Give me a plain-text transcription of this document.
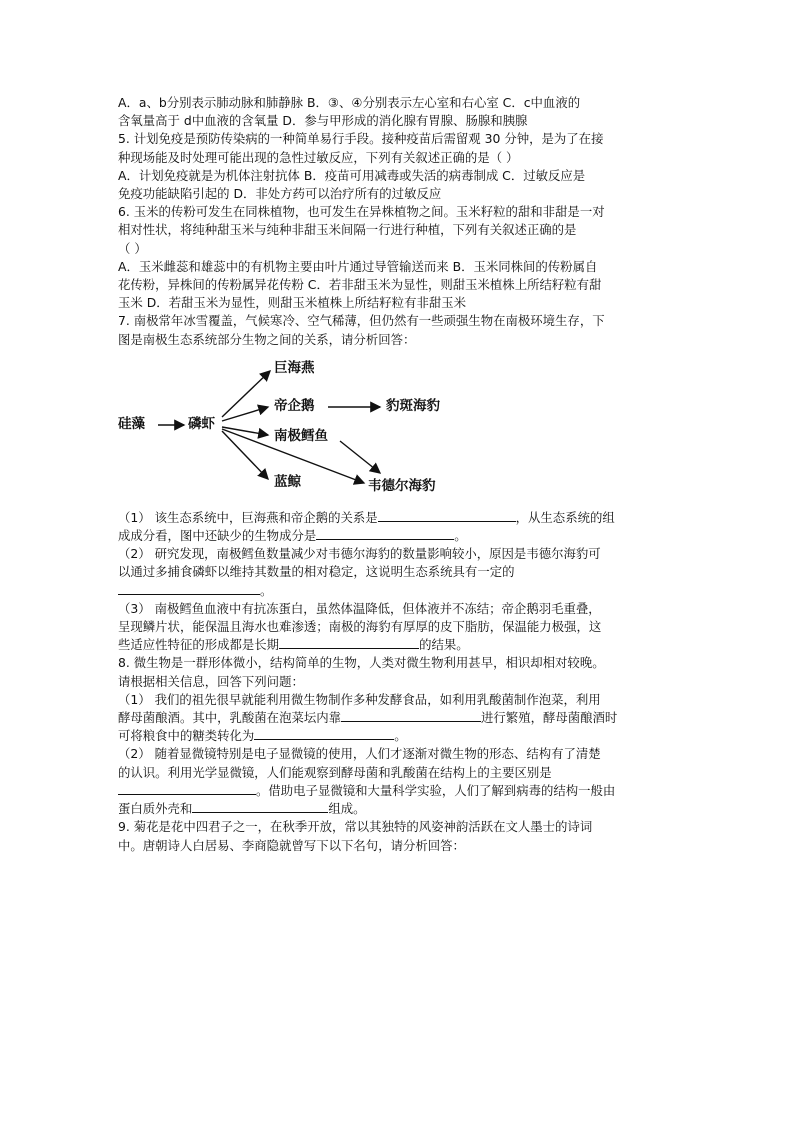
A．a、b分别表示肺动脉和肺静脉 B．③、④分别表示左心室和右心室 C．c中血液的

含氧量高于 d中血液的含氧量 D．参与甲形成的消化腺有胃腺、肠腺和胰腺

5. 计划免疫是预防传染病的一种简单易行手段。接种疫苗后需留观 30 分钟，是为了在接

种现场能及时处理可能出现的急性过敏反应，下列有关叙述正确的是（ ）

A．计划免疫就是为机体注射抗体 B．疫苗可用减毒或失活的病毒制成 C．过敏反应是

免疫功能缺陷引起的 D．非处方药可以治疗所有的过敏反应

6. 玉米的传粉可发生在同株植物，也可发生在异株植物之间。玉米籽粒的甜和非甜是一对

相对性状，将纯种甜玉米与纯种非甜玉米间隔一行进行种植，下列有关叙述正确的是

（ ）

A．玉米雌蕊和雄蕊中的有机物主要由叶片通过导管输送而来 B．玉米同株间的传粉属自

花传粉，异株间的传粉属异花传粉 C．若非甜玉米为显性，则甜玉米植株上所结籽粒有甜

玉米 D．若甜玉米为显性，则甜玉米植株上所结籽粒有非甜玉米

7. 南极常年冰雪覆盖，气候寒冷、空气稀薄，但仍然有一些顽强生物在南极环境生存，下

图是南极生态系统部分生物之间的关系，请分析回答：

硅藻	磷虾
巨海燕
帝企鹅
南极鳕鱼
蓝鲸
豹斑海豹
韦德尔海豹

（1） 该生态系统中，巨海燕和帝企鹅的关系是	，从生态系统的组

成成分看，图中还缺少的生物成分是	。

（2） 研究发现，南极鳕鱼数量减少对韦德尔海豹的数量影响较小，原因是韦德尔海豹可

以通过多捕食磷虾以维持其数量的相对稳定，这说明生态系统具有一定的

。

（3） 南极鳕鱼血液中有抗冻蛋白，虽然体温降低，但体液并不冻结；帝企鹅羽毛重叠，

呈现鳞片状，能保温且海水也难渗透；南极的海豹有厚厚的皮下脂肪，保温能力极强，这

些适应性特征的形成都是长期	的结果。

8. 微生物是一群形体微小，结构简单的生物，人类对微生物利用甚早，相识却相对较晚。

请根据相关信息，回答下列问题：

（1） 我们的祖先很早就能利用微生物制作多种发酵食品，如利用乳酸菌制作泡菜，利用

酵母菌酿酒。其中，乳酸菌在泡菜坛内靠	进行繁殖，酵母菌酿酒时

可将粮食中的糖类转化为	。

（2） 随着显微镜特别是电子显微镜的使用，人们才逐渐对微生物的形态、结构有了清楚

的认识。利用光学显微镜，人们能观察到酵母菌和乳酸菌在结构上的主要区别是

。借助电子显微镜和大量科学实验，人们了解到病毒的结构一般由

蛋白质外壳和	组成。

9. 菊花是花中四君子之一，在秋季开放，常以其独特的风姿神韵活跃在文人墨士的诗词

中。唐朝诗人白居易、李商隐就曾写下以下名句，请分析回答：
